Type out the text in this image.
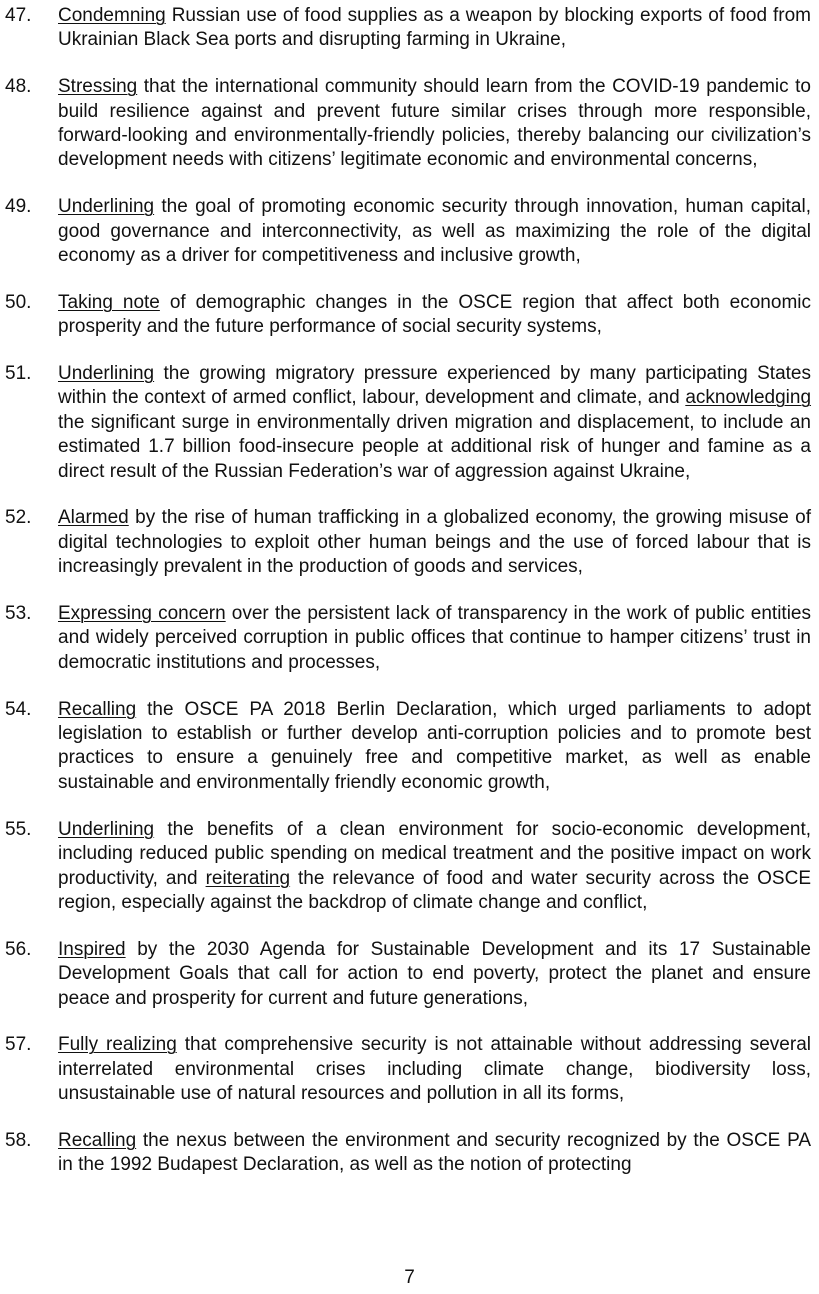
47.	Condemning Russian use of food supplies as a weapon by blocking exports of food from Ukrainian Black Sea ports and disrupting farming in Ukraine,
48.	Stressing that the international community should learn from the COVID-19 pandemic to build resilience against and prevent future similar crises through more responsible, forward-looking and environmentally-friendly policies, thereby balancing our civilization’s development needs with citizens’ legitimate economic and environmental concerns,
49.	Underlining the goal of promoting economic security through innovation, human capital, good governance and interconnectivity, as well as maximizing the role of the digital economy as a driver for competitiveness and inclusive growth,
50.	Taking note of demographic changes in the OSCE region that affect both economic prosperity and the future performance of social security systems,
51.	Underlining the growing migratory pressure experienced by many participating States within the context of armed conflict, labour, development and climate, and acknowledging the significant surge in environmentally driven migration and displacement, to include an estimated 1.7 billion food-insecure people at additional risk of hunger and famine as a direct result of the Russian Federation’s war of aggression against Ukraine,
52.	Alarmed by the rise of human trafficking in a globalized economy, the growing misuse of digital technologies to exploit other human beings and the use of forced labour that is increasingly prevalent in the production of goods and services,
53.	Expressing concern over the persistent lack of transparency in the work of public entities and widely perceived corruption in public offices that continue to hamper citizens’ trust in democratic institutions and processes,
54.	Recalling the OSCE PA 2018 Berlin Declaration, which urged parliaments to adopt legislation to establish or further develop anti-corruption policies and to promote best practices to ensure a genuinely free and competitive market, as well as enable sustainable and environmentally friendly economic growth,
55.	Underlining the benefits of a clean environment for socio-economic development, including reduced public spending on medical treatment and the positive impact on work productivity, and reiterating the relevance of food and water security across the OSCE region, especially against the backdrop of climate change and conflict,
56.	Inspired by the 2030 Agenda for Sustainable Development and its 17 Sustainable Development Goals that call for action to end poverty, protect the planet and ensure peace and prosperity for current and future generations,
57.	Fully realizing that comprehensive security is not attainable without addressing several interrelated environmental crises including climate change, biodiversity loss, unsustainable use of natural resources and pollution in all its forms,
58.	Recalling the nexus between the environment and security recognized by the OSCE PA in the 1992 Budapest Declaration, as well as the notion of protecting
7
